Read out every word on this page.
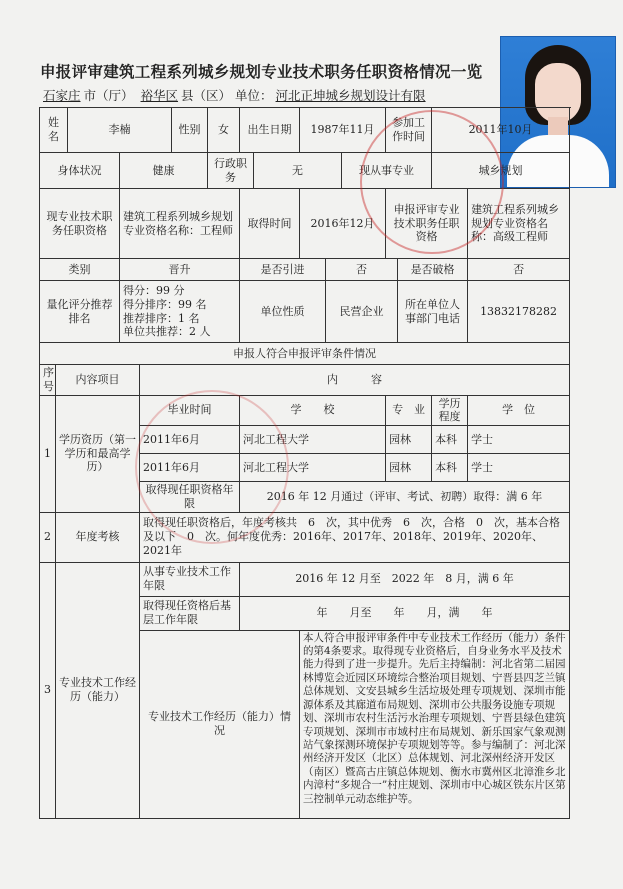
申报评审建筑工程系列城乡规划专业技术职务任职资格情况一览
石家庄 市（厅） 裕华区 县（区） 单位： 河北正坤城乡规划设计有限
姓名		李楠			性别	女	出生日期		1987年11月			参加工作时间		2011年10月	
身体状况			健康			行政职务		无			现从事专业			城乡规划	
现专业技术职务任职资格			建筑工程系列城乡规划专业资格名称：工程师				取得时间		2016年12月			申报评审专业技术职务任职资格			建筑工程系列城乡规划专业资格名称：高级工程师
类别			晋升				是否引进			否			是否破格		否
量化评分推荐排名			得分：99 分
得分排序：99 名
推荐排序：1 名
单位共推荐：2 人				单位性质			民营企业			所在单位人事部门电话		13832178282
申报人符合申报评审条件情况															
序号	内容项目			内　　　容											
1	学历资历（第一学历和最高学历）			毕业时间			学　　校					专　业		学历程度	学　位
				2011年6月			河北工程大学					园林		本科	学士
				2011年6月			河北工程大学					园林		本科	学士
				取得现任职资格年限			2016 年 12 月通过（评审、考试、初聘）取得：满 6 年								
2	年度考核			取得现任职资格后，年度考核共　6　次，其中优秀　6　次，合格　0　次，基本合格及以下　0　次。何年度优秀：2016年、2017年、2018年、2019年、2020年、2021年											
3	专业技术工作经历（能力）			从事专业技术工作年限			2016 年 12 月至　2022 年　8 月，满 6 年								
				取得现任资格后基层工作年限			年　　月至　　年　　月，满　　年								
				专业技术工作经历（能力）情况					本人符合申报评审条件中专业技术工作经历（能力）条件的第4条要求。取得现专业资格后，自身业务水平及技术能力得到了进一步提升。先后主持编制：河北省第二届园林博览会近园区环境综合整治项目规划、宁晋县四芝兰镇总体规划、文安县城乡生活垃圾处理专项规划、深圳市能源体系及其廊道布局规划、深圳市公共服务设施专项规划、深圳市农村生活污水治理专项规划、宁晋县绿色建筑专项规划、深圳市市域村庄布局规划、新乐国家气象观测站气象探测环境保护专项规划等等。参与编制了：河北深州经济开发区（北区）总体规划、河北深州经济开发区（南区）暨高古庄镇总体规划、衡水市冀州区北漳淮乡北内漳村“多规合一”村庄规划、深圳市中心城区铁东片区第三控制单元动态维护等。						
